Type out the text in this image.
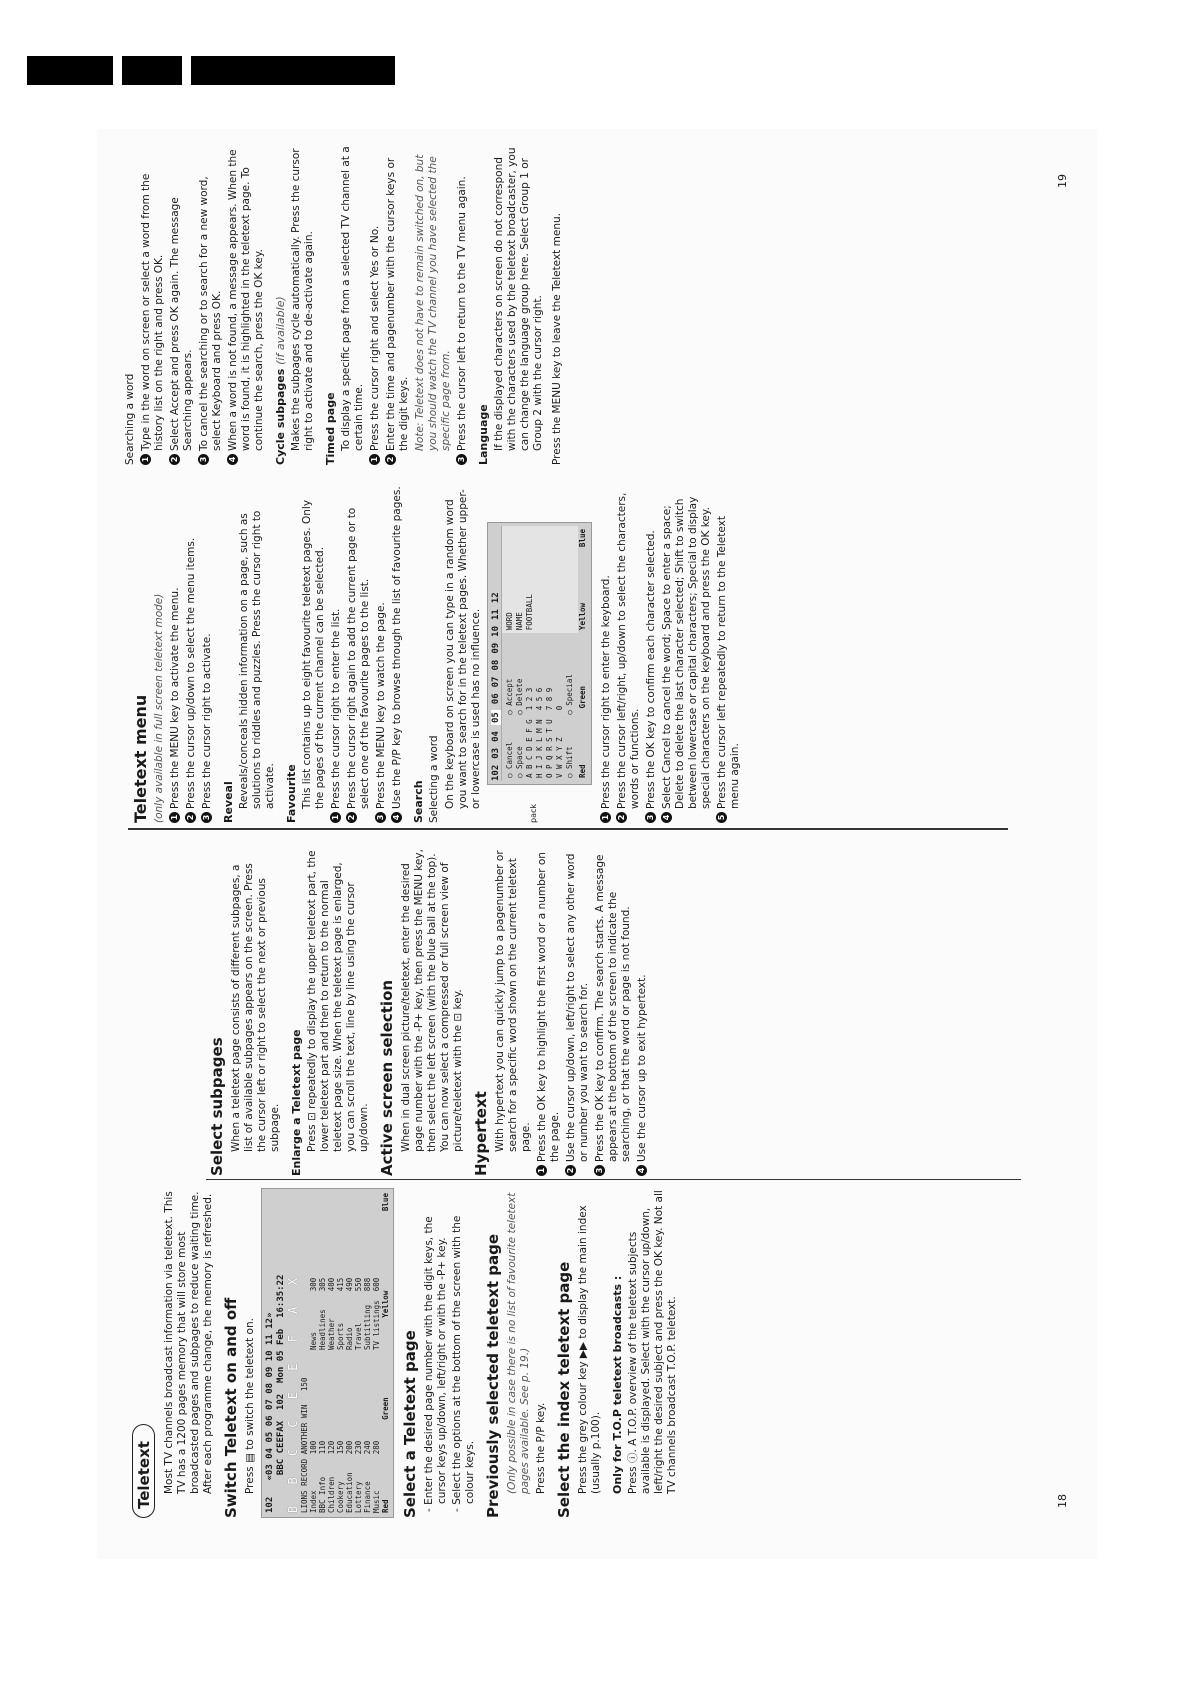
Teletext Most TV channels broadcast information via teletext. This TV has a 1200 pages memory that will store most broadcasted pages and subpages to reduce waiting time. After each programme change, the memory is refreshed. Switch Teletext on and off Press ▤ to switch the teletext on. 102   «03 04 05 06 07 08 09 10 11 12» BBC CEEFAX  102  Mon 05 Feb  16:35:22 B B C C E E F A X LIONS RECORD ANOTHER WIN   150 Index        100
BBC Info     110
Children     120
Cookery      150
Education    200
Lottery      230
Finance      240
Music        280
News         300
Headlines    305
Weather      400
Sports       415
Radio        490
Travel       550
Subtitling   888
TV listings  600
Red
Green
Yellow
Blue
Select a Teletext page - Enter the desired page number with the digit keys, the cursor keys up/down, left/right or with the -P+ key. - Select the options at the bottom of the screen with the colour keys. Previously selected teletext page (Only possible in case there is no list of favourite teletext pages available. See p. 19.) Press the P/P key. Select the index teletext page Press the grey colour key ▶▶ to display the main index (usually p.100). Only for T.O.P teletext broadcasts : Press ⓘ. A T.O.P. overview of the teletext subjects available is displayed. Select with the cursor up/down, left/right the desired subject and press the OK key. Not all TV channels broadcast T.O.P. teletext.

Select subpages When a teletext page consists of different subpages, a list of available subpages appears on the screen. Press the cursor left or right to select the next or previous subpage. Enlarge a Teletext page Press ⊡ repeatedly to display the upper teletext part, the lower teletext part and then to return to the normal teletext page size. When the teletext page is enlarged, you can scroll the text, line by line using the cursor up/down. Active screen selection When in dual screen picture/teletext, enter the desired page number with the -P+ key, then press the MENU key, then select the left screen (with the blue ball at the top). You can now select a compressed or full screen view of picture/teletext with the ⊡ key. Hypertext With hypertext you can quickly jump to a pagenumber or search for a specific word shown on the current teletext page.

1
Press the OK key to highlight the first word or a number on the page.
2
Use the cursor up/down, left/right to select any other word or number you want to search for.
3
Press the OK key to confirm. The search starts. A message appears at the bottom of the screen to indicate the searching, or that the word or page is not found.
4
Use the cursor up to exit hypertext.
Teletext menu (only available in full screen teletext mode) 1
Press the MENU key to activate the menu.
2
Press the cursor up/down to select the menu items.
3
Press the cursor right to activate. Reveal Reveals/conceals hidden information on a page, such as solutions to riddles and puzzles. Press the cursor right to activate. Favourite This list contains up to eight favourite teletext pages. Only the pages of the current channel can be selected.

1
Press the cursor right to enter the list.
2
Press the cursor right again to add the current page or to select one of the favourite pages to the list.
3
Press the MENU key to watch the page.
4
Use the P/P key to browse through the list of favourite pages. Search Selecting a word On the keyboard on screen you can type in a random word you want to search for in the teletext pages. Whether upper- or lowercase is used has no influence.

pack
102
03
04
05
06
07
08
09
10
11
12
○ Cancel      ○ Accept
○ Space       ○ Delete
A B C D E F G  1 2 3
H I J K L M N  4 5 6
O P Q R S T U  7 8 9
V W X Y Z      0
○ Shift       ○ Special
WORD
NAME
FOOTBALL
Red
Green
Yellow
Blue
1
Press the cursor right to enter the keyboard.
2
Press the cursor left/right, up/down to select the characters, words or functions.
3
Press the OK key to confirm each character selected.
4
Select Cancel to cancel the word; Space to enter a space; Delete to delete the last character selected; Shift to switch between lowercase or capital characters; Special to display special characters on the keyboard and press the OK key.
5
Press the cursor left repeatedly to return to the Teletext menu again.

Searching a word 1
Type in the word on screen or select a word from the history list on the right and press OK.
2
Select Accept and press OK again. The message Searching appears.
3
To cancel the searching or to search for a new word, select Keyboard and press OK.
4
When a word is not found, a message appears. When the word is found, it is highlighted in the teletext page. To continue the search, press the OK key. Cycle subpages (if available) Makes the subpages cycle automatically. Press the cursor right to activate and to de-activate again. Timed page To display a specific page from a selected TV channel at a certain time.

1
Press the cursor right and select Yes or No.
2
Enter the time and pagenumber with the cursor keys or the digit keys. Note: Teletext does not have to remain switched on, but you should watch the TV channel you have selected the specific page from.

3
Press the cursor left to return to the TV menu again. Language If the displayed characters on screen do not correspond with the characters used by the teletext broadcaster, you can change the language group here. Select Group 1 or Group 2 with the cursor right. Press the MENU key to leave the Teletext menu.

18
19
